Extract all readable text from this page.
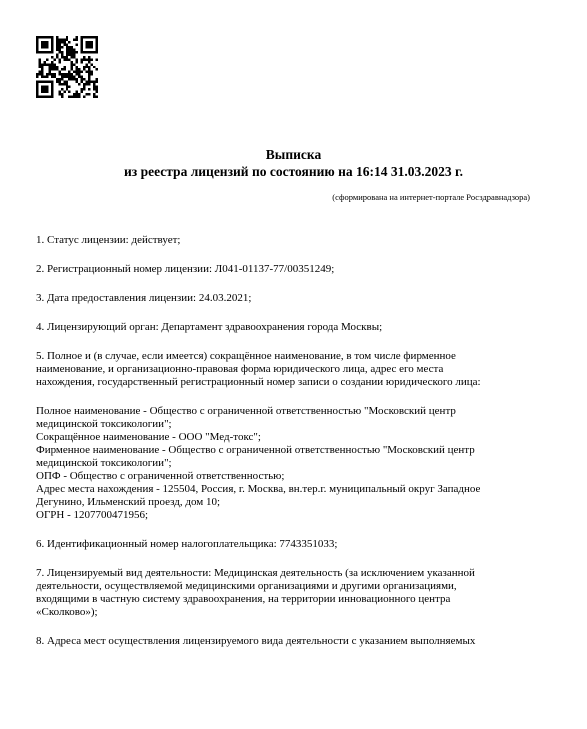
Выписка
из реестра лицензий по состоянию на 16:14 31.03.2023 г.
(сформирована на интернет-портале Росздравнадзора)
1. Статус лицензии: действует;
2. Регистрационный номер лицензии: Л041-01137-77/00351249;
3. Дата предоставления лицензии: 24.03.2021;
4. Лицензирующий орган: Департамент здравоохранения города Москвы;
5. Полное и (в случае, если имеется) сокращённое наименование, в том числе фирменное
наименование, и организационно-правовая форма юридического лица, адрес его места
нахождения, государственный регистрационный номер записи о создании юридического лица:
Полное наименование - Общество с ограниченной ответственностью "Московский центр
медицинской токсикологии";
Сокращённое наименование - ООО "Мед-токс";
Фирменное наименование - Общество с ограниченной ответственностью "Московский центр
медицинской токсикологии";
ОПФ - Общество с ограниченной ответственностью;
Адрес места нахождения - 125504, Россия, г. Москва, вн.тер.г. муниципальный округ Западное
Дегунино, Ильменский проезд, дом 10;
ОГРН - 1207700471956;
6. Идентификационный номер налогоплательщика: 7743351033;
7. Лицензируемый вид деятельности: Медицинская деятельность (за исключением указанной
деятельности, осуществляемой медицинскими организациями и другими организациями,
входящими в частную систему здравоохранения, на территории инновационного центра
«Сколково»);
8. Адреса мест осуществления лицензируемого вида деятельности с указанием выполняемых
